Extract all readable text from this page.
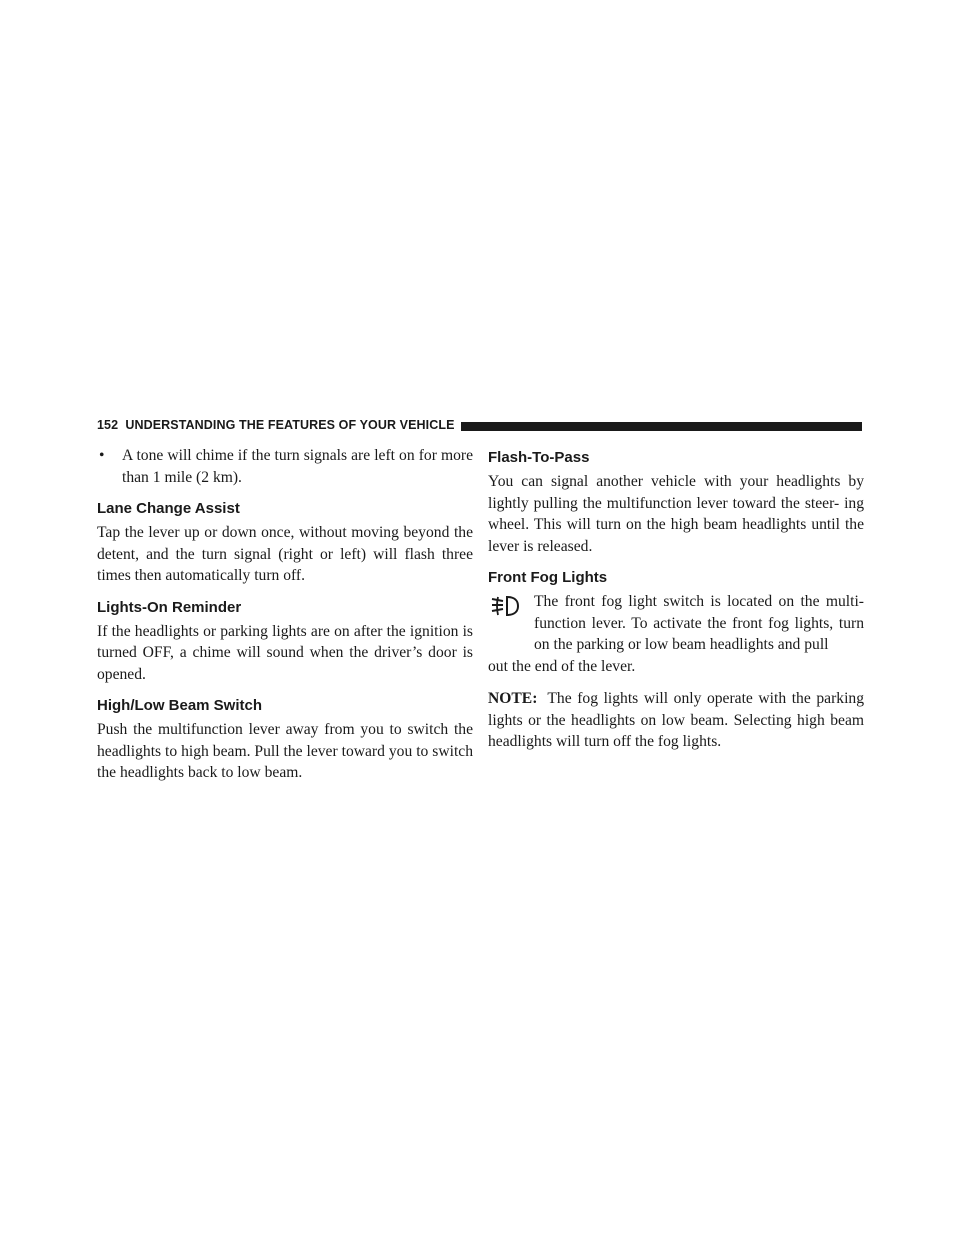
152 UNDERSTANDING THE FEATURES OF YOUR VEHICLE

• A tone will chime if the turn signals are left on for more than 1 mile (2 km).

Lane Change Assist

Tap the lever up or down once, without moving beyond the detent, and the turn signal (right or left) will flash three times then automatically turn off.

Lights-On Reminder

If the headlights or parking lights are on after the ignition is turned OFF, a chime will sound when the driver’s door is opened.

High/Low Beam Switch

Push the multifunction lever away from you to switch the headlights to high beam. Pull the lever toward you to switch the headlights back to low beam.

Flash-To-Pass

You can signal another vehicle with your headlights by lightly pulling the multifunction lever toward the steer- ing wheel. This will turn on the high beam headlights until the lever is released.

Front Fog Lights

The front fog light switch is located on the multi- function lever. To activate the front fog lights, turn on the parking or low beam headlights and pull

out the end of the lever.

NOTE: The fog lights will only operate with the parking lights or the headlights on low beam. Selecting high beam headlights will turn off the fog lights.
